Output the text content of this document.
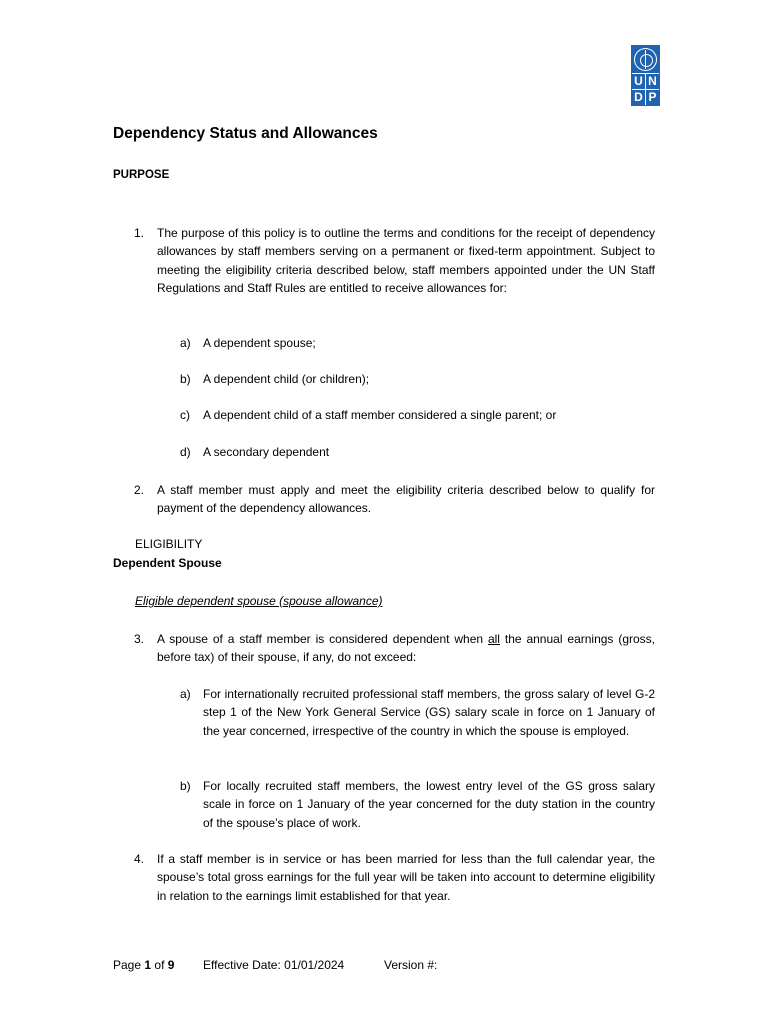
U N
D P
Dependency Status and Allowances
PURPOSE
1. The purpose of this policy is to outline the terms and conditions for the receipt of dependency allowances by staff members serving on a permanent or fixed-term appointment. Subject to meeting the eligibility criteria described below, staff members appointed under the UN Staff Regulations and Staff Rules are entitled to receive allowances for:
a) A dependent spouse;
b) A dependent child (or children);
c) A dependent child of a staff member considered a single parent; or
d) A secondary dependent
2. A staff member must apply and meet the eligibility criteria described below to qualify for payment of the dependency allowances.
ELIGIBILITY
Dependent Spouse
Eligible dependent spouse (spouse allowance)
3. A spouse of a staff member is considered dependent when all the annual earnings (gross, before tax) of their spouse, if any, do not exceed:
a) For internationally recruited professional staff members, the gross salary of level G-2 step 1 of the New York General Service (GS) salary scale in force on 1 January of the year concerned, irrespective of the country in which the spouse is employed.
b) For locally recruited staff members, the lowest entry level of the GS gross salary scale in force on 1 January of the year concerned for the duty station in the country of the spouse’s place of work.
4. If a staff member is in service or has been married for less than the full calendar year, the spouse’s total gross earnings for the full year will be taken into account to determine eligibility in relation to the earnings limit established for that year.
Page 1 of 9 Effective Date: 01/01/2024	Version #:
